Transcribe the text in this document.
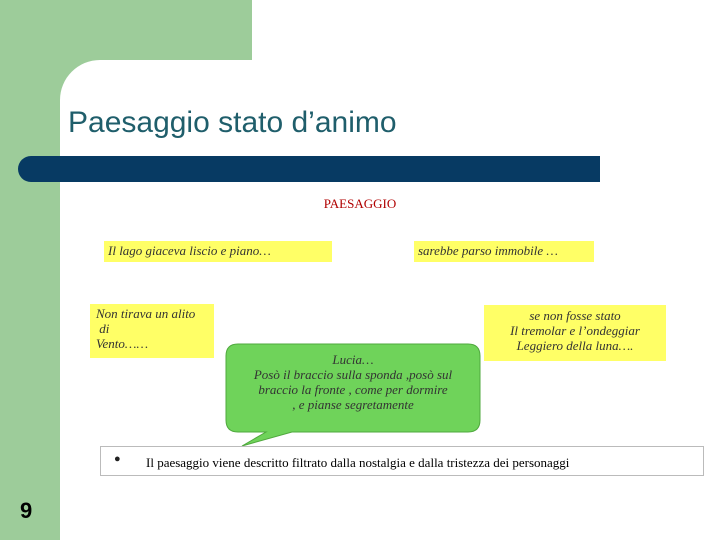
Paesaggio stato d’animo
PAESAGGIO
Il lago giaceva liscio e piano…	sarebbe parso immobile …
Non tirava un alito
di
Vento……
se non fosse stato
Il tremolar e l’ondeggiar
Leggiero della luna….
Lucia…
Posò il braccio sulla sponda ,posò sul
braccio la fronte , come per dormire
, e pianse segretamente
● Il paesaggio viene descritto filtrato dalla nostalgia e dalla tristezza dei personaggi
9
